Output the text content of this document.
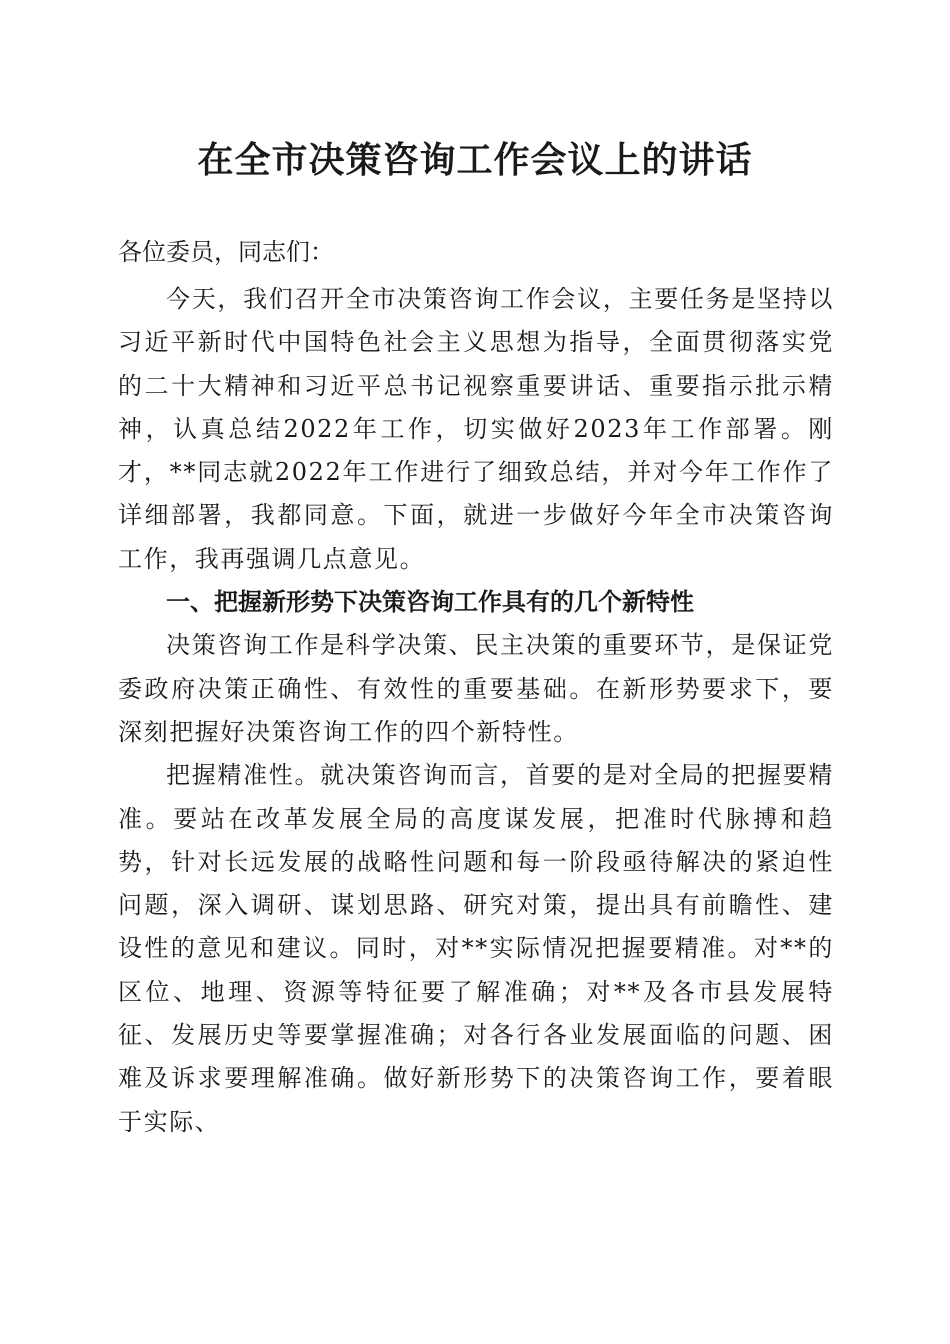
在全市决策咨询工作会议上的讲话

各位委员，同志们：

今天，我们召开全市决策咨询工作会议，主要任务是坚持以习近平新时代中国特色社会主义思想为指导，全面贯彻落实党的二十大精神和习近平总书记视察重要讲话、重要指示批示精神，认真总结2022年工作，切实做好2023年工作部署。刚才，**同志就2022年工作进行了细致总结，并对今年工作作了详细部署，我都同意。下面，就进一步做好今年全市决策咨询工作，我再强调几点意见。

一、把握新形势下决策咨询工作具有的几个新特性

决策咨询工作是科学决策、民主决策的重要环节，是保证党委政府决策正确性、有效性的重要基础。在新形势要求下，要深刻把握好决策咨询工作的四个新特性。

把握精准性。就决策咨询而言，首要的是对全局的把握要精准。要站在改革发展全局的高度谋发展，把准时代脉搏和趋势，针对长远发展的战略性问题和每一阶段亟待解决的紧迫性问题，深入调研、谋划思路、研究对策，提出具有前瞻性、建设性的意见和建议。同时，对**实际情况把握要精准。对**的区位、地理、资源等特征要了解准确；对**及各市县发展特征、发展历史等要掌握准确；对各行各业发展面临的问题、困难及诉求要理解准确。做好新形势下的决策咨询工作，要着眼于实际、
